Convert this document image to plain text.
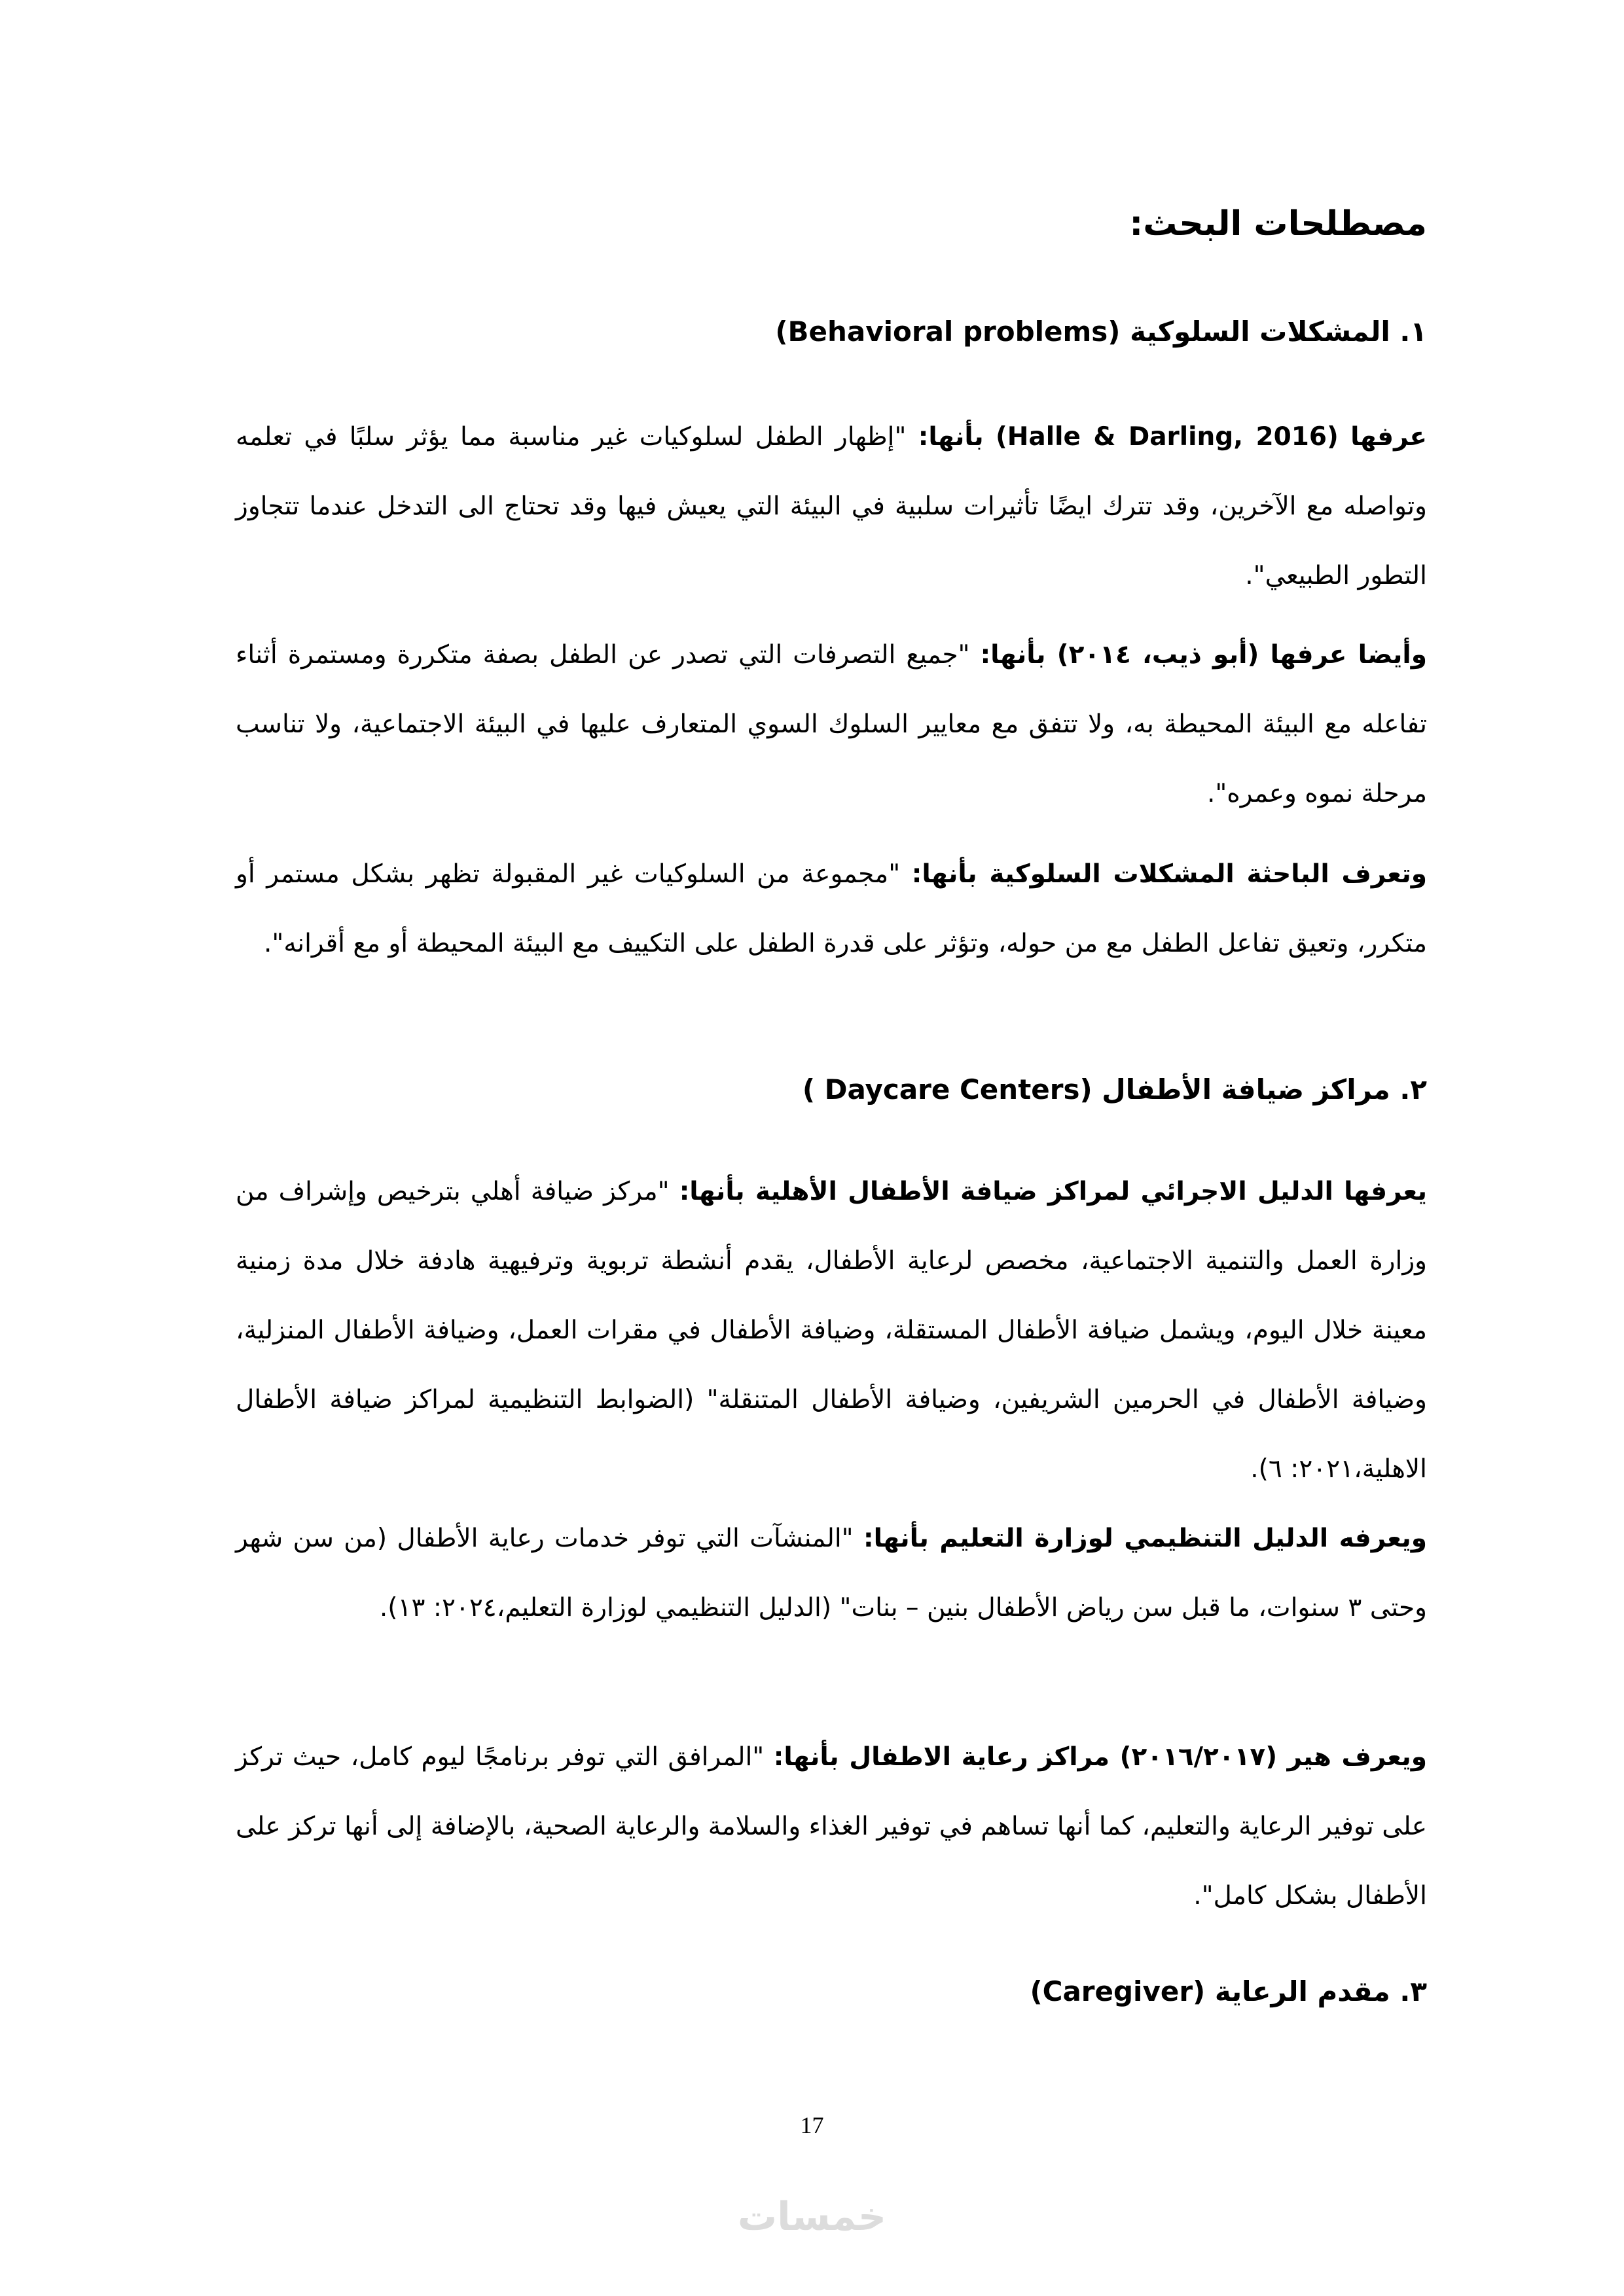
مصطلحات البحث:
١. المشكلات السلوكية (Behavioral problems)
عرفها (Halle & Darling, 2016) بأنها: "إظهار الطفل لسلوكيات غير مناسبة مما يؤثر سلبًا في تعلمه وتواصله مع الآخرين، وقد تترك ايضًا تأثيرات سلبية في البيئة التي يعيش فيها وقد تحتاج الى التدخل عندما تتجاوز التطور الطبيعي".
وأيضا عرفها (أبو ذيب، ٢٠١٤) بأنها: "جميع التصرفات التي تصدر عن الطفل بصفة متكررة ومستمرة أثناء تفاعله مع البيئة المحيطة به، ولا تتفق مع معايير السلوك السوي المتعارف عليها في البيئة الاجتماعية، ولا تناسب مرحلة نموه وعمره".
وتعرف الباحثة المشكلات السلوكية بأنها: "مجموعة من السلوكيات غير المقبولة تظهر بشكل مستمر أو متكرر، وتعيق تفاعل الطفل مع من حوله، وتؤثر على قدرة الطفل على التكييف مع البيئة المحيطة أو مع أقرانه".
٢. مراكز ضيافة الأطفال ( Daycare Centers)
يعرفها الدليل الاجرائي لمراكز ضيافة الأطفال الأهلية بأنها: "مركز ضيافة أهلي بترخيص وإشراف من وزارة العمل والتنمية الاجتماعية، مخصص لرعاية الأطفال، يقدم أنشطة تربوية وترفيهية هادفة خلال مدة زمنية معينة خلال اليوم، ويشمل ضيافة الأطفال المستقلة، وضيافة الأطفال في مقرات العمل، وضيافة الأطفال المنزلية، وضيافة الأطفال في الحرمين الشريفين، وضيافة الأطفال المتنقلة" (الضوابط التنظيمية لمراكز ضيافة الأطفال الاهلية،٢٠٢١: ٦).
ويعرفه الدليل التنظيمي لوزارة التعليم بأنها: "المنشآت التي توفر خدمات رعاية الأطفال (من سن شهر وحتى ٣ سنوات، ما قبل سن رياض الأطفال بنين – بنات" (الدليل التنظيمي لوزارة التعليم،٢٠٢٤: ١٣).
ويعرف هير (٢٠١٦/٢٠١٧) مراكز رعاية الاطفال بأنها: "المرافق التي توفر برنامجًا ليوم كامل، حيث تركز على توفير الرعاية والتعليم، كما أنها تساهم في توفير الغذاء والسلامة والرعاية الصحية، بالإضافة إلى أنها تركز على الأطفال بشكل كامل".
٣. مقدم الرعاية (Caregiver)
17
خمسات
